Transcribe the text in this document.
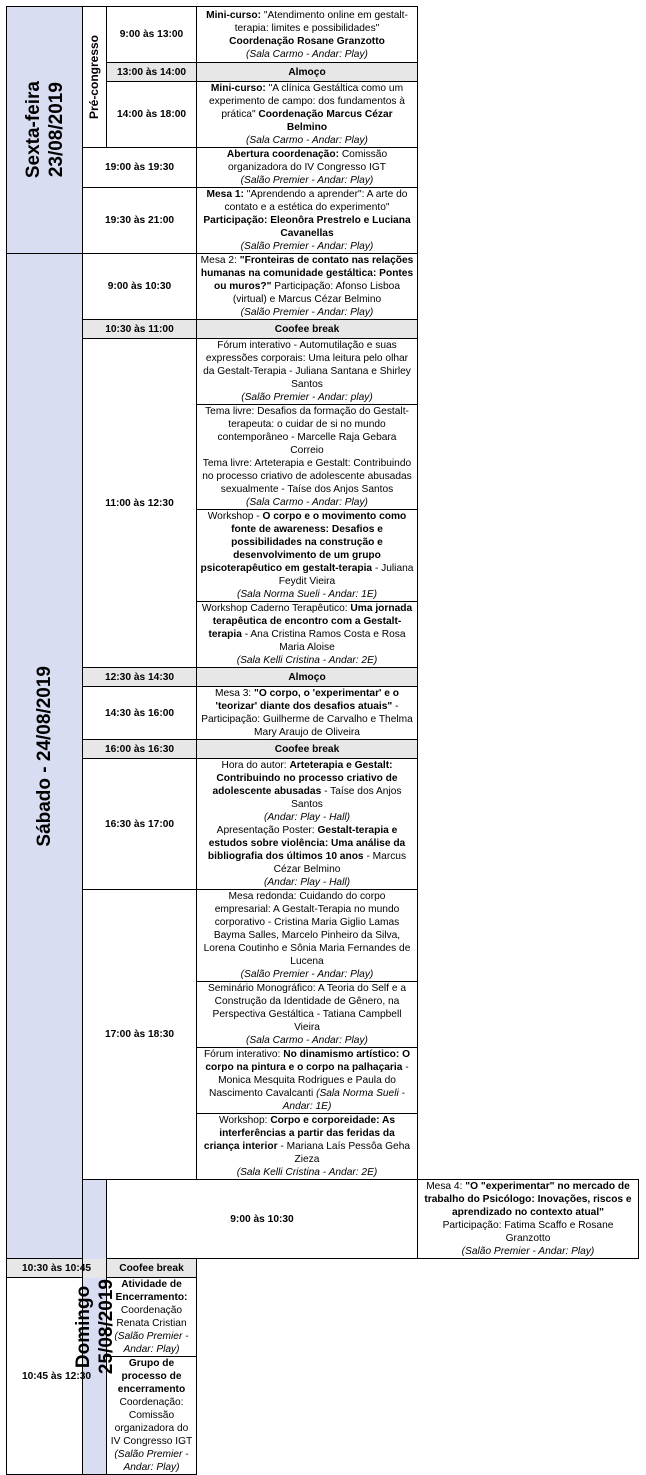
Sexta-feira 23/08/2019	Pré-congresso	9:00 às 13:00	Mini-curso: "Atendimento online em gestalt-terapia: limites e possibilidades"
Coordenação Rosane Granzotto
(Sala Carmo - Andar: Play)	
		13:00 às 14:00	Almoço	
		14:00 às 18:00	Mini-curso: "A clínica Gestáltica como um experimento de campo: dos fundamentos à prática" Coordenação Marcus Cézar Belmino
(Sala Carmo - Andar: Play)	
	19:00 às 19:30		Abertura coordenação: Comissão organizadora do IV Congresso IGT
(Salão Premier - Andar: Play)	
	19:30 às 21:00		Mesa 1: "Aprendendo a aprender": A arte do contato e a estética do experimento" Participação: Eleonôra Prestrelo e Luciana Cavanellas
(Salão Premier - Andar: Play)	

Sábado - 24/08/2019	9:00 às 10:30		Mesa 2: "Fronteiras de contato nas relações humanas na comunidade gestáltica: Pontes ou muros?" Participação: Afonso Lisboa (virtual) e Marcus Cézar Belmino
(Salão Premier - Andar: Play)	
	10:30 às 11:00		Coofee break	
	11:00 às 12:30		Fórum interativo - Automutilação e suas expressões corporais: Uma leitura pelo olhar da Gestalt-Terapia - Juliana Santana e Shirley Santos
(Salão Premier - Andar: play)	

			Tema livre: Desafios da formação do Gestalt-terapeuta: o cuidar de si no mundo contemporâneo - Marcelle Raja Gebara Correio
Tema livre: Arteterapia e Gestalt: Contribuindo no processo criativo de adolescente abusadas sexualmente - Taíse dos Anjos Santos
(Sala Carmo - Andar: Play)	
			Workshop - O corpo e o movimento como fonte de awareness: Desafios e possibilidades na construção e desenvolvimento de um grupo psicoterapêutico em gestalt-terapia - Juliana Feydit Vieira
(Sala Norma Sueli - Andar: 1E)	
			Workshop Caderno Terapêutico: Uma jornada terapêutica de encontro com a Gestalt-terapia - Ana Cristina Ramos Costa e Rosa Maria Aloise
(Sala Kelli Cristina - Andar: 2E)	
	12:30 às 14:30		Almoço	
	14:30 às 16:00		Mesa 3: "O corpo, o 'experimentar' e o 'teorizar' diante dos desafios atuais" - Participação: Guilherme de Carvalho e Thelma Mary Araujo de Oliveira	
	16:00 às 16:30		Coofee break	
	16:30 às 17:00		Hora do autor: Arteterapia e Gestalt: Contribuindo no processo criativo de adolescente abusadas - Taíse dos Anjos Santos
(Andar: Play - Hall)	
			Apresentação Poster: Gestalt-terapia e estudos sobre violência: Uma análise da bibliografia dos últimos 10 anos - Marcus Cézar Belmino
(Andar: Play - Hall)	
	17:00 às 18:30		Mesa redonda: Cuidando do corpo empresarial: A Gestalt-Terapia no mundo corporativo - Cristina Maria Giglio Lamas Bayma Salles, Marcelo Pinheiro da Silva, Lorena Coutinho e Sônia Maria Fernandes de Lucena
(Salão Premier - Andar: Play)	
			Seminário Monográfico: A Teoria do Self e a Construção da Identidade de Gênero, na Perspectiva Gestáltica - Tatiana Campbell Vieira
(Sala Carmo - Andar: Play)	
			Fórum interativo: No dinamismo artístico: O corpo na pintura e o corpo na palhaçaria - Monica Mesquita Rodrigues e Paula do Nascimento Cavalcanti (Sala Norma Sueli - Andar: 1E)	
			Workshop: Corpo e corporeidade: As interferências a partir das feridas da criança interior - Mariana Laís Pessôa Geha Zieza
(Sala Kelli Cristina - Andar: 2E)	

	Domingo 25/08/2019	9:00 às 10:30		Mesa 4: "O "experimentar" no mercado de trabalho do Psicólogo: Inovações, riscos e aprendizado no contexto atual"
Participação: Fatima Scaffo e Rosane Granzotto
(Salão Premier - Andar: Play)
10:30 às 10:45		Coofee break		
10:45 às 12:30		Atividade de Encerramento: Coordenação Renata Cristian
(Salão Premier - Andar: Play)		
		Grupo de processo de encerramento
Coordenação: Comissão organizadora do IV Congresso IGT
(Salão Premier - Andar: Play)		
